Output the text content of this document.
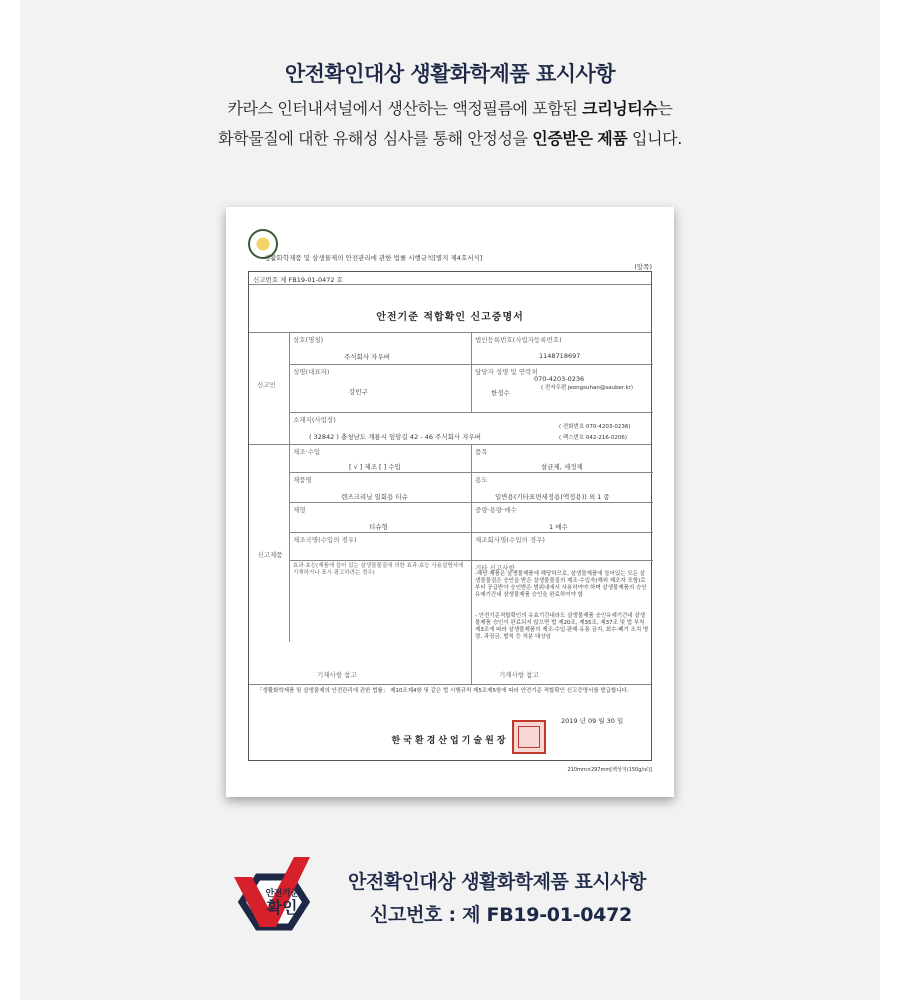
안전확인대상 생활화학제품 표시사항
카라스 인터내셔널에서 생산하는 액정필름에 포함된 크리닝티슈는
화학물질에 대한 유해성 심사를 통해 안정성을 인증받은 제품 입니다.
생활화학제품 및 살생물제의 안전관리에 관한 법률 시행규칙[별지 제4호서식]
(앞쪽)
신고번호 제 FB19-01-0472 호
안전기준 적합확인 신고증명서
신고인
상호(명칭)
주식회사 자우버
법인등록번호(사업자등록번호)
1148718697
성명(대표자)
강민구
담당자 성명 및 연락처
070-4203-0236
한정수
( 전자우편 jeongsuhan@sauber.kr)
소재지(사업장)
( 32842 ) 충청남도 계룡시 임암길 42 - 46 주식회사 자우버
( 전화번호 070-4203-0236)
( 팩스번호 042-216-0206)
신고제품
제조·수입
[ √ ] 제조 [ ] 수입
품목
살균제, 세정제
제품명
렌즈크리닝 일회용 티슈
용도
일반용(기타표면세정용(액정용)) 외 1 종
제형
티슈형
중량·용량·매수
1 매수
제조국명(수입의 경우)	제조회사명(수입의 경우)
효과·효능(제품에 들어 있는 살생물물질에 의한 효과·효능 사용설명서에 기재하거나 표시·광고하려는 경우)
기타 신고사항
-해당 제품은 살생물제품에 해당하므로, 살생물제품에 들어있는 모든 살생물물질은 승인을 받은 살생물물질의 제조·수입자(해외 제조자 포함)로부터 공급받아 승인받은 범위내에서 사용하여야 하며 살생물제품의 승인유예기간내 살생물제품 승인을 완료하여야 함
- 안전기준적합확인의 유효기간내라도 살생물제품 승인유예기간내 살생물제품 승인이 완료되지 않으면 법 제20조, 제35조, 제37조 및 법 부칙 제3조에 따라 살생물제품의 제조·수입·판매·유통 금지, 회수·폐기 조치 명령, 과징금, 벌칙 등 처분 대상임
기재사항 참고	기재사항 참고
「생활화학제품 및 살생물제의 안전관리에 관한 법률」 제10조제4항 및 같은 법 시행규칙 제5조제5항에 따라 안전기준 적합확인 신고증명서를 발급합니다.
2019 년 09 월 30 일
한국환경산업기술원장
210mm×297mm[백상지(150g/㎡)]
안전기준
확인
안전확인대상 생활화학제품 표시사항
신고번호 : 제 FB19-01-0472
